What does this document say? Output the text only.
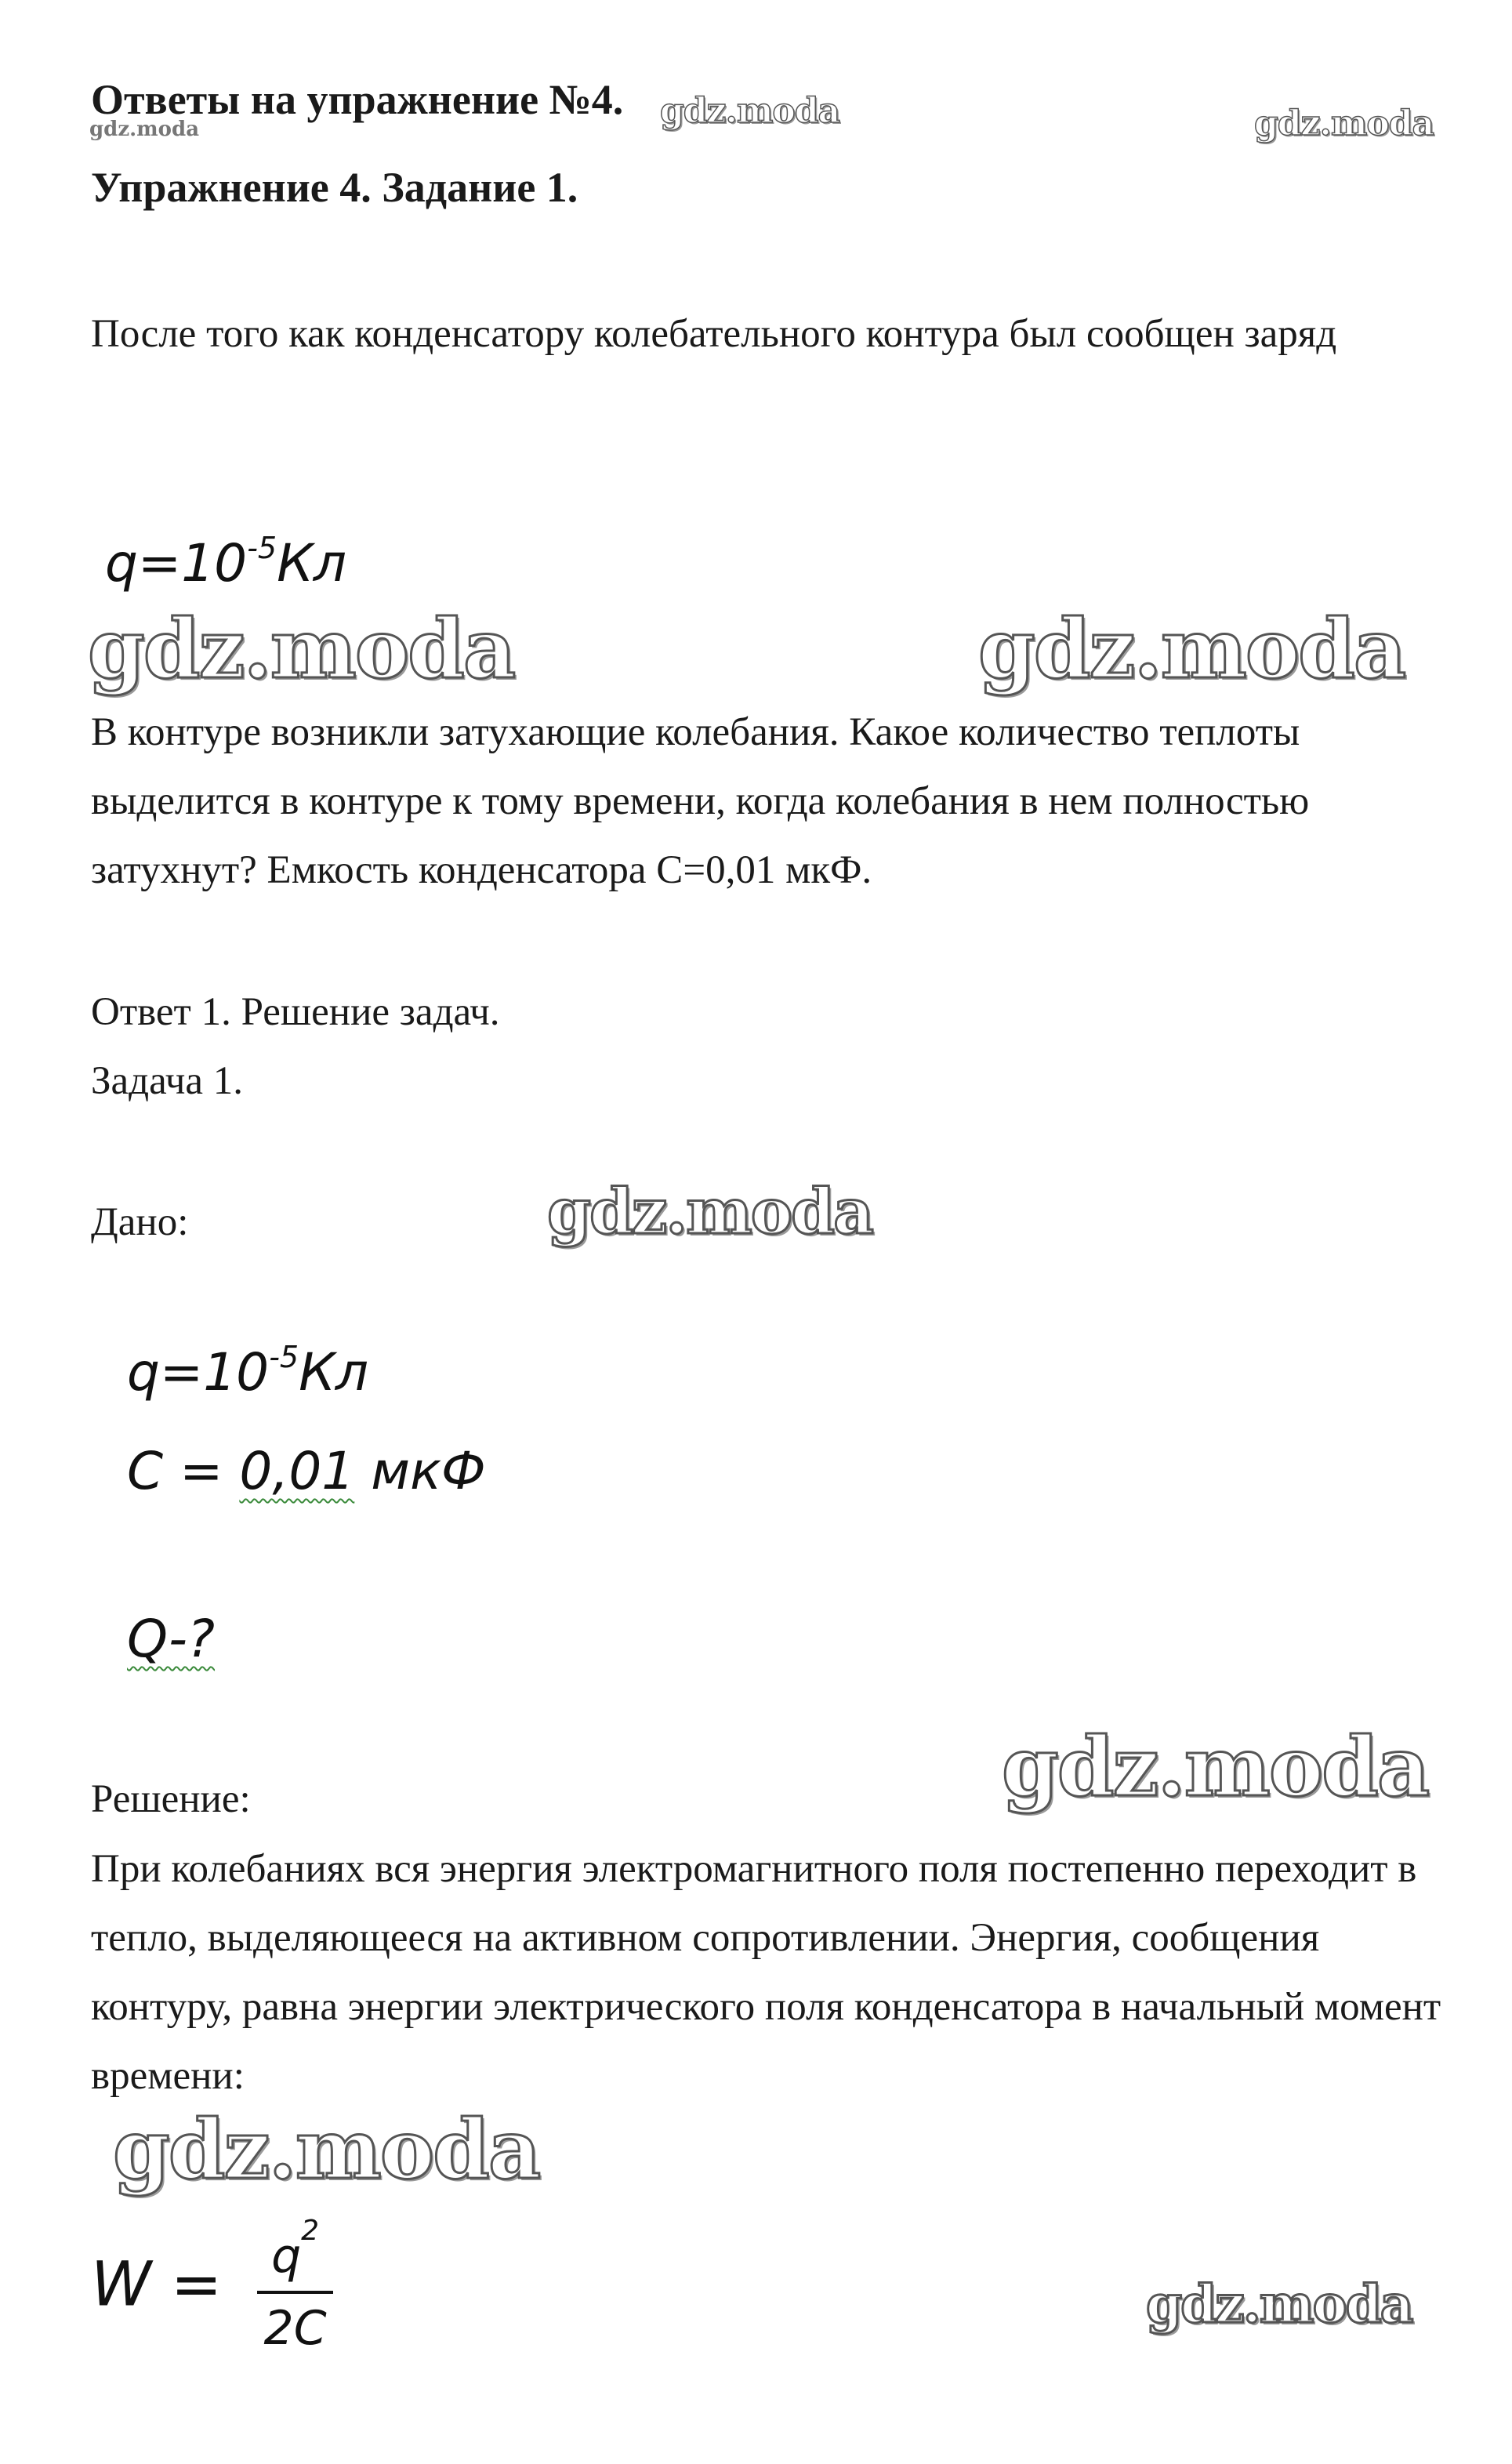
Ответы на упражнение №4.
gdz.moda	gdz.moda	gdz.moda
Упражнение 4. Задание 1.
После того как конденсатору колебательного контура был сообщен заряд
$q=10^{-5}Кл$
gdz.moda	gdz.moda
В контуре возникли затухающие колебания. Какое количество теплоты выделится в контуре к тому времени, когда колебания в нем полностью затухнут? Емкость конденсатора С=0,01 мкФ.
Ответ 1. Решение задач.
Задача 1.
Дано:	gdz.moda
$q=10^{-5}Кл$
C = 0,01 мкФ
Q-?
gdz.moda
Решение:
При колебаниях вся энергия электромагнитного поля постепенно переходит в тепло, выделяющееся на активном сопротивлении. Энергия, сообщения контуру, равна энергии электрического поля конденсатора в начальный момент времени:
gdz.moda
$W = \frac{q^2}{2C}$	gdz.moda
